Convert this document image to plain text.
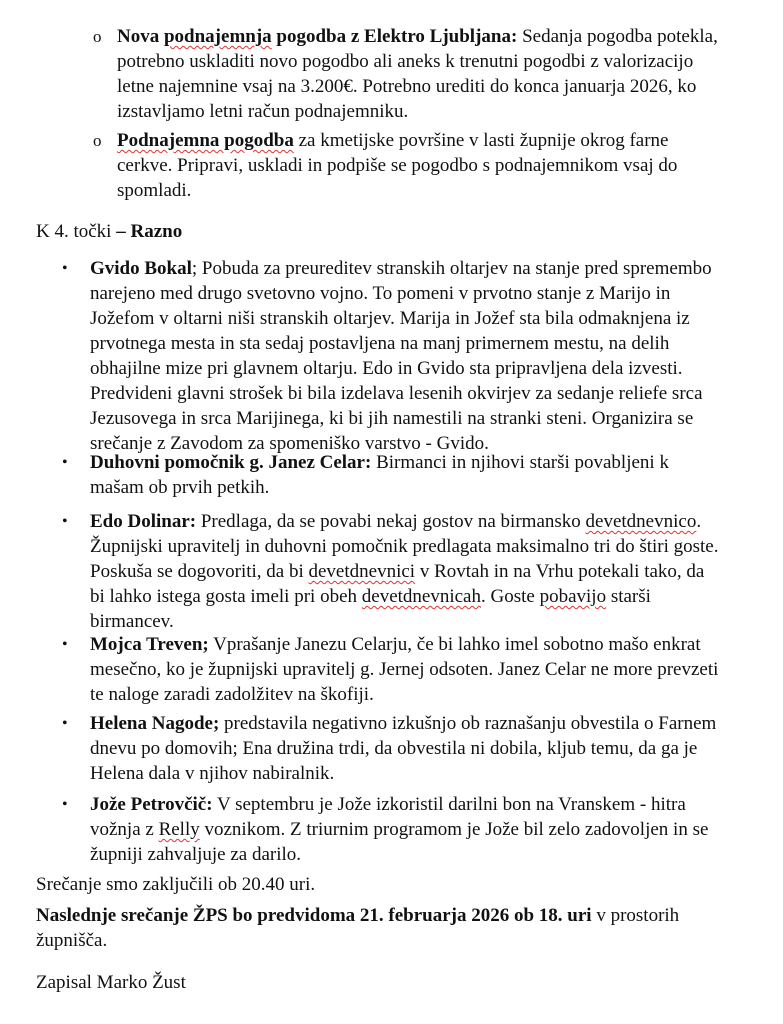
o Nova podnajemnja pogodba z Elektro Ljubljana: Sedanja pogodba potekla,
potrebno uskladiti novo pogodbo ali aneks k trenutni pogodbi z valorizacijo
letne najemnine vsaj na 3.200€. Potrebno urediti do konca januarja 2026, ko
izstavljamo letni račun podnajemniku.
o Podnajemna pogodba za kmetijske površine v lasti župnije okrog farne
cerkve. Pripravi, uskladi in podpiše se pogodbo s podnajemnikom vsaj do
spomladi.
K 4. točki – Razno
• Gvido Bokal; Pobuda za preureditev stranskih oltarjev na stanje pred spremembo
narejeno med drugo svetovno vojno. To pomeni v prvotno stanje z Marijo in
Jožefom v oltarni niši stranskih oltarjev. Marija in Jožef sta bila odmaknjena iz
prvotnega mesta in sta sedaj postavljena na manj primernem mestu, na delih
obhajilne mize pri glavnem oltarju. Edo in Gvido sta pripravljena dela izvesti.
Predvideni glavni strošek bi bila izdelava lesenih okvirjev za sedanje reliefe srca
Jezusovega in srca Marijinega, ki bi jih namestili na stranki steni. Organizira se
srečanje z Zavodom za spomeniško varstvo - Gvido.
• Duhovni pomočnik g. Janez Celar: Birmanci in njihovi starši povabljeni k
mašam ob prvih petkih.
• Edo Dolinar: Predlaga, da se povabi nekaj gostov na birmansko devetdnevnico.
Župnijski upravitelj in duhovni pomočnik predlagata maksimalno tri do štiri goste.
Poskuša se dogovoriti, da bi devetdnevnici v Rovtah in na Vrhu potekali tako, da
bi lahko istega gosta imeli pri obeh devetdnevnicah. Goste pobavijo starši
birmancev.
• Mojca Treven; Vprašanje Janezu Celarju, če bi lahko imel sobotno mašo enkrat
mesečno, ko je župnijski upravitelj g. Jernej odsoten. Janez Celar ne more prevzeti
te naloge zaradi zadolžitev na škofiji.
• Helena Nagode; predstavila negativno izkušnjo ob raznašanju obvestila o Farnem
dnevu po domovih; Ena družina trdi, da obvestila ni dobila, kljub temu, da ga je
Helena dala v njihov nabiralnik.
• Jože Petrovčič: V septembru je Jože izkoristil darilni bon na Vranskem - hitra
vožnja z Relly voznikom. Z triurnim programom je Jože bil zelo zadovoljen in se
župniji zahvaljuje za darilo.
Srečanje smo zaključili ob 20.40 uri.
Naslednje srečanje ŽPS bo predvidoma 21. februarja 2026 ob 18. uri v prostorih
župnišča.
Zapisal Marko Žust
